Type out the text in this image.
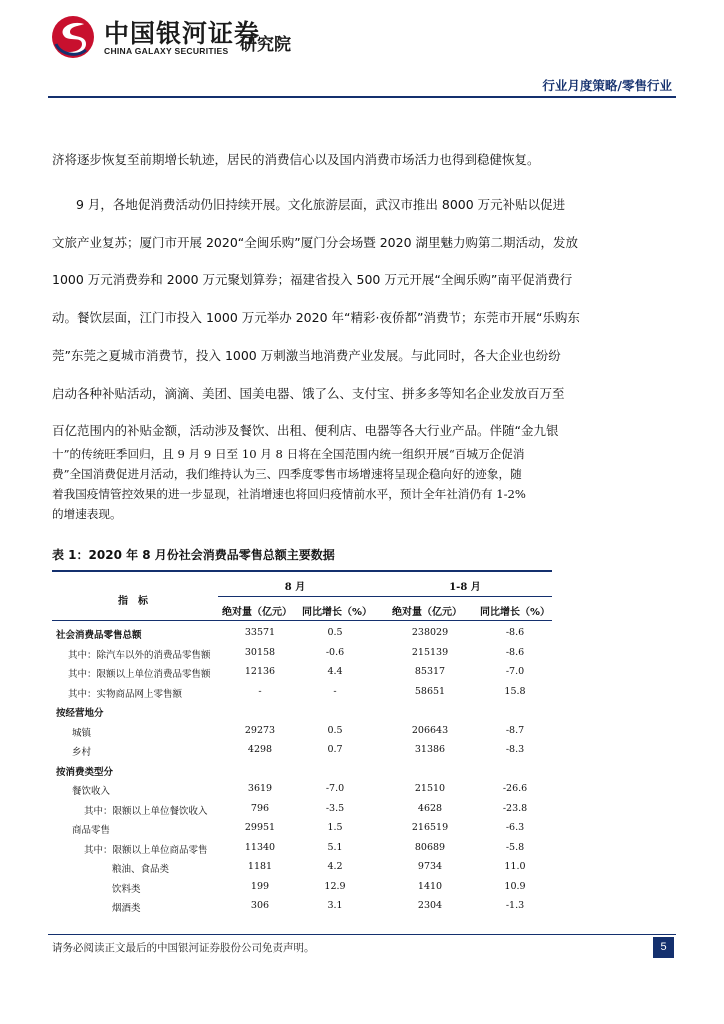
中国银河证券
CHINA GALAXY SECURITIES 研究院
行业月度策略/零售行业
济将逐步恢复至前期增长轨迹，居民的消费信心以及国内消费市场活力也得到稳健恢复。
9 月，各地促消费活动仍旧持续开展。文化旅游层面，武汉市推出 8000 万元补贴以促进
文旅产业复苏；厦门市开展 2020“全闽乐购”厦门分会场暨 2020 湖里魅力购第二期活动，发放
1000 万元消费券和 2000 万元聚划算券；福建省投入 500 万元开展“全闽乐购”南平促消费行
动。餐饮层面，江门市投入 1000 万元举办 2020 年“精彩·夜侨都”消费节；东莞市开展“乐购东
莞”东莞之夏城市消费节，投入 1000 万刺激当地消费产业发展。与此同时，各大企业也纷纷
启动各种补贴活动，滴滴、美团、国美电器、饿了么、支付宝、拼多多等知名企业发放百万至
百亿范围内的补贴金额，活动涉及餐饮、出租、便利店、电器等各大行业产品。伴随“金九银
十”的传统旺季回归，且 9 月 9 日至 10 月 8 日将在全国范围内统一组织开展“百城万企促消
费”全国消费促进月活动，我们维持认为三、四季度零售市场增速将呈现企稳向好的迹象，随
着我国疫情管控效果的进一步显现，社消增速也将回归疫情前水平，预计全年社消仍有 1-2%
的增速表现。
表 1：2020 年 8 月份社会消费品零售总额主要数据
指　标
8 月	1-8 月
绝对量（亿元） 同比增长（%） 绝对量（亿元） 同比增长（%）
社会消费品零售总额	33571	0.5	238029	-8.6
其中：除汽车以外的消费品零售额	30158	-0.6	215139	-8.6
其中：限额以上单位消费品零售额	12136	4.4	85317	-7.0
其中：实物商品网上零售额	-	-	58651	15.8
按经营地分
城镇	29273	0.5	206643	-8.7
乡村	4298	0.7	31386	-8.3
按消费类型分
餐饮收入	3619	-7.0	21510	-26.6
其中：限额以上单位餐饮收入	796	-3.5	4628	-23.8
商品零售	29951	1.5	216519	-6.3
其中：限额以上单位商品零售	11340	5.1	80689	-5.8
粮油、食品类	1181	4.2	9734	11.0
饮料类	199	12.9	1410	10.9
烟酒类	306	3.1	2304	-1.3
请务必阅读正文最后的中国银河证券股份公司免责声明。	5
